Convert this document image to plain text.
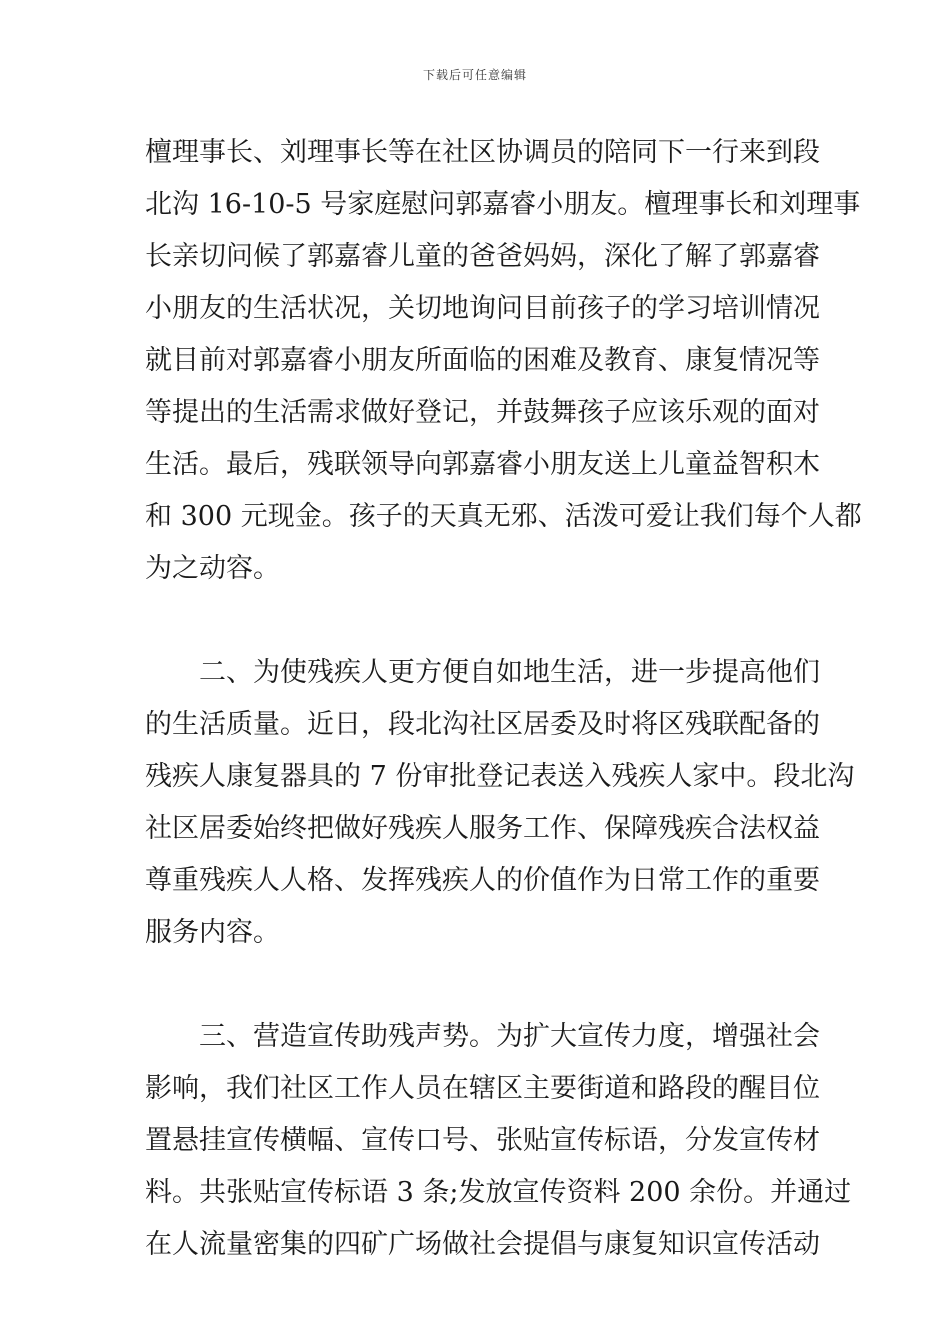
下载后可任意编辑
檀理事长、刘理事长等在社区协调员的陪同下一行来到段
北沟 16-10-5 号家庭慰问郭嘉睿小朋友。檀理事长和刘理事
长亲切问候了郭嘉睿儿童的爸爸妈妈，深化了解了郭嘉睿
小朋友的生活状况，关切地询问目前孩子的学习培训情况
就目前对郭嘉睿小朋友所面临的困难及教育、康复情况等
等提出的生活需求做好登记，并鼓舞孩子应该乐观的面对
生活。最后，残联领导向郭嘉睿小朋友送上儿童益智积木
和 300 元现金。孩子的天真无邪、活泼可爱让我们每个人都
为之动容。
二、为使残疾人更方便自如地生活，进一步提高他们
的生活质量。近日，段北沟社区居委及时将区残联配备的
残疾人康复器具的 7 份审批登记表送入残疾人家中。段北沟
社区居委始终把做好残疾人服务工作、保障残疾合法权益
尊重残疾人人格、发挥残疾人的价值作为日常工作的重要
服务内容。
三、营造宣传助残声势。为扩大宣传力度，增强社会
影响，我们社区工作人员在辖区主要街道和路段的醒目位
置悬挂宣传横幅、宣传口号、张贴宣传标语，分发宣传材
料。共张贴宣传标语 3 条;发放宣传资料 200 余份。并通过
在人流量密集的四矿广场做社会提倡与康复知识宣传活动
